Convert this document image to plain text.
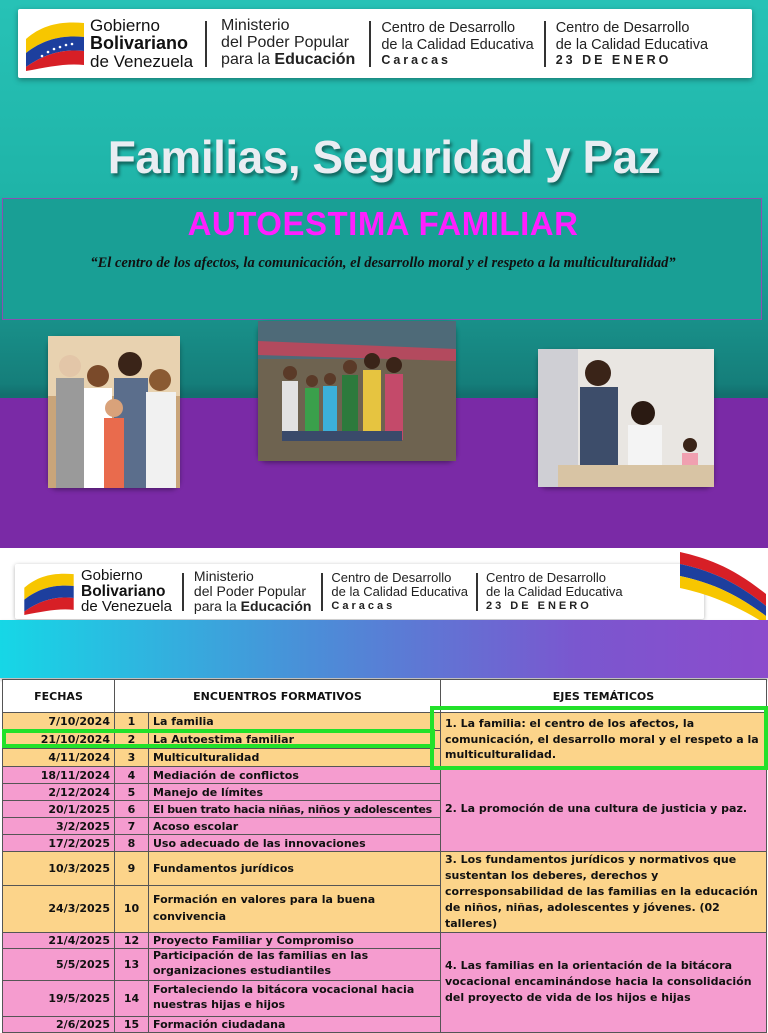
Gobierno
Bolivariano
de Venezuela
Ministerio
del Poder Popular
para la Educación
Centro de Desarrollo
de la Calidad Educativa
Caracas
Centro de Desarrollo
de la Calidad Educativa
23 DE ENERO
Familias, Seguridad y Paz
AUTOESTIMA FAMILIAR
“El centro de los afectos, la comunicación, el desarrollo moral y el respeto a la multiculturalidad”
Gobierno
Bolivariano
de Venezuela
Ministerio
del Poder Popular
para la Educación
Centro de Desarrollo
de la Calidad Educativa
Caracas
Centro de Desarrollo
de la Calidad Educativa
23 DE ENERO
FECHAS	ENCUENTROS FORMATIVOS		EJES TEMÁTICOS
7/10/2024	1	La familia	1. La familia: el centro de los afectos, la comunicación, el desarrollo moral y el respeto a la multiculturalidad.
21/10/2024	2	La Autoestima familiar	
4/11/2024	3	Multiculturalidad	
18/11/2024	4	Mediación de conflictos	2. La promoción de una cultura de justicia y paz.
2/12/2024	5	Manejo de límites	
20/1/2025	6	El buen trato hacia niñas, niños y adolescentes	
3/2/2025	7	Acoso escolar	
17/2/2025	8	Uso adecuado de las innovaciones	
10/3/2025	9	Fundamentos jurídicos	3. Los fundamentos jurídicos y normativos que sustentan los deberes, derechos y corresponsabilidad de las familias en la educación de niños, niñas, adolescentes y jóvenes. (02 talleres)
24/3/2025	10	Formación en valores para la buena convivencia	
21/4/2025	12	Proyecto Familiar y Compromiso	4. Las familias en la orientación de la bitácora vocacional encaminándose hacia la consolidación del proyecto de vida de los hijos e hijas
5/5/2025	13	Participación de las familias en las organizaciones estudiantiles	
19/5/2025	14	Fortaleciendo la bitácora vocacional hacia nuestras hijas e hijos	
2/6/2025	15	Formación ciudadana	
